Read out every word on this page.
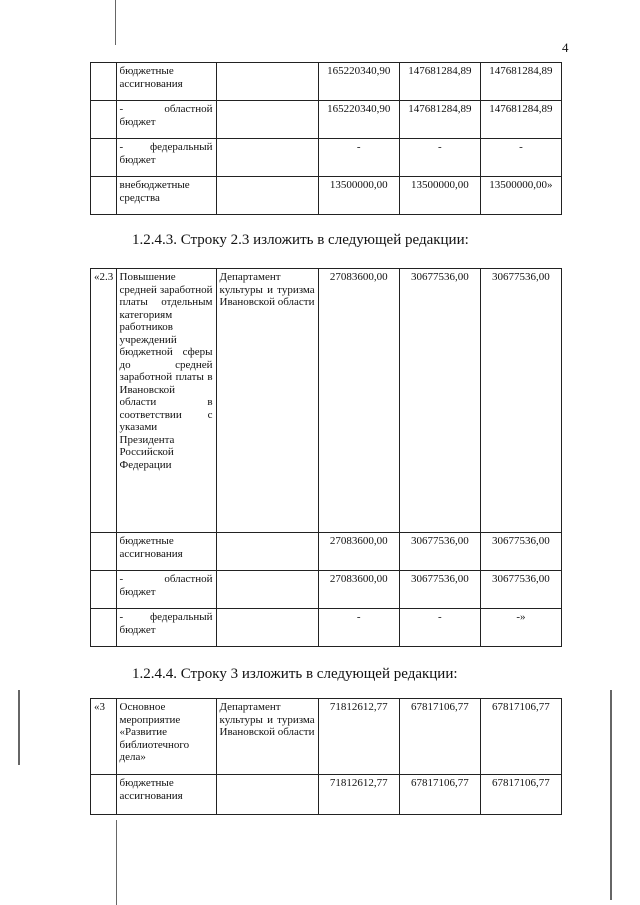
4
	бюджетные ассигнования		165220340,90	147681284,89	147681284,89
	- областной бюджет		165220340,90	147681284,89	147681284,89
	- федеральный бюджет		-	-	-
	внебюджетные средства		13500000,00	13500000,00	13500000,00»
1.2.4.3. Строку 2.3 изложить в следующей редакции:
«2.3	Повышение средней заработной платы отдельным категориям работников учреждений бюджетной сферы до средней заработной платы в Ивановской области в соответствии с указами Президента Российской Федерации	Департамент культуры и туризма Ивановской области	27083600,00	30677536,00	30677536,00
	бюджетные ассигнования		27083600,00	30677536,00	30677536,00
	- областной бюджет		27083600,00	30677536,00	30677536,00
	- федеральный бюджет		-	-	-»
1.2.4.4. Строку 3 изложить в следующей редакции:
«3	Основное мероприятие «Развитие библиотечного дела»	Департамент культуры и туризма Ивановской области	71812612,77	67817106,77	67817106,77
	бюджетные ассигнования		71812612,77	67817106,77	67817106,77
